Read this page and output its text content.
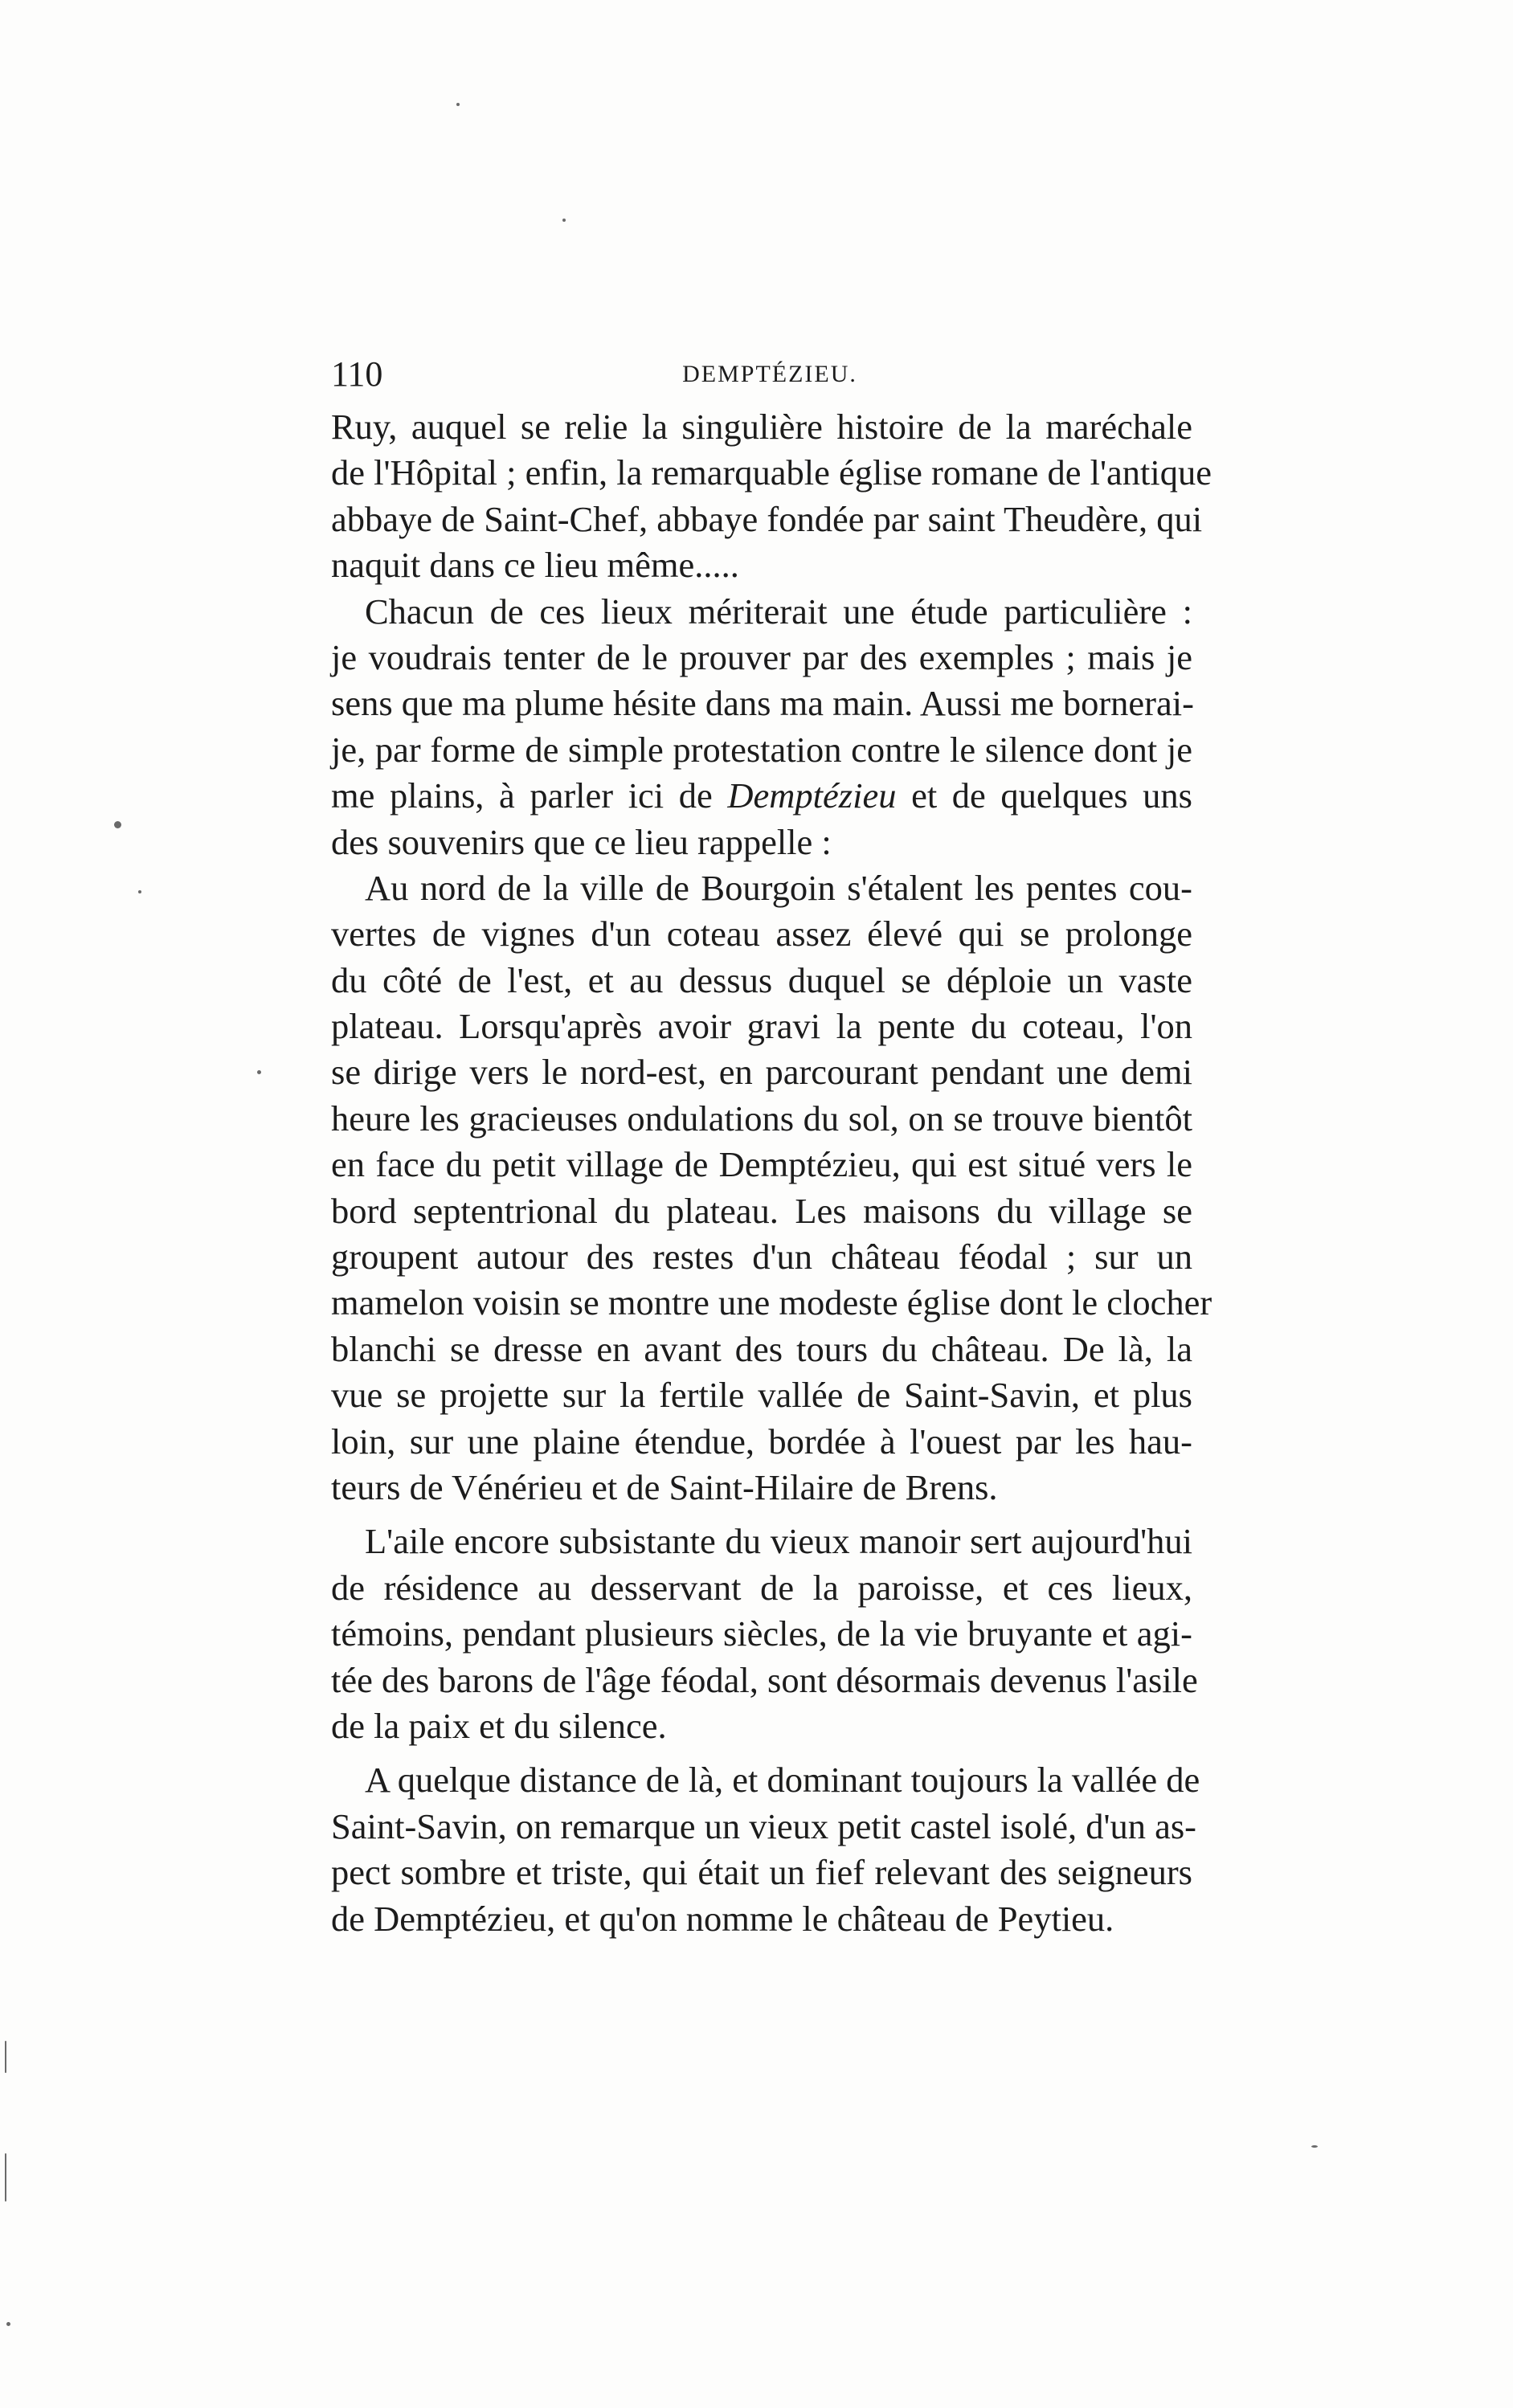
110	DEMPTÉZIEU.
Ruy, auquel se relie la singulière histoire de la maréchale
de l'Hôpital ; enfin, la remarquable église romane de l'antique
abbaye de Saint-Chef, abbaye fondée par saint Theudère, qui
naquit dans ce lieu même.....
Chacun de ces lieux mériterait une étude particulière :
je voudrais tenter de le prouver par des exemples ; mais je
sens que ma plume hésite dans ma main. Aussi me bornerai-
je, par forme de simple protestation contre le silence dont je
me plains, à parler ici de Demptézieu et de quelques uns
des souvenirs que ce lieu rappelle :
Au nord de la ville de Bourgoin s'étalent les pentes cou-
vertes de vignes d'un coteau assez élevé qui se prolonge
du côté de l'est, et au dessus duquel se déploie un vaste
plateau. Lorsqu'après avoir gravi la pente du coteau, l'on
se dirige vers le nord-est, en parcourant pendant une demi
heure les gracieuses ondulations du sol, on se trouve bientôt
en face du petit village de Demptézieu, qui est situé vers le
bord septentrional du plateau. Les maisons du village se
groupent autour des restes d'un château féodal ; sur un
mamelon voisin se montre une modeste église dont le clocher
blanchi se dresse en avant des tours du château. De là, la
vue se projette sur la fertile vallée de Saint-Savin, et plus
loin, sur une plaine étendue, bordée à l'ouest par les hau-
teurs de Vénérieu et de Saint-Hilaire de Brens.
L'aile encore subsistante du vieux manoir sert aujourd'hui
de résidence au desservant de la paroisse, et ces lieux,
témoins, pendant plusieurs siècles, de la vie bruyante et agi-
tée des barons de l'âge féodal, sont désormais devenus l'asile
de la paix et du silence.
A quelque distance de là, et dominant toujours la vallée de
Saint-Savin, on remarque un vieux petit castel isolé, d'un as-
pect sombre et triste, qui était un fief relevant des seigneurs
de Demptézieu, et qu'on nomme le château de Peytieu.
